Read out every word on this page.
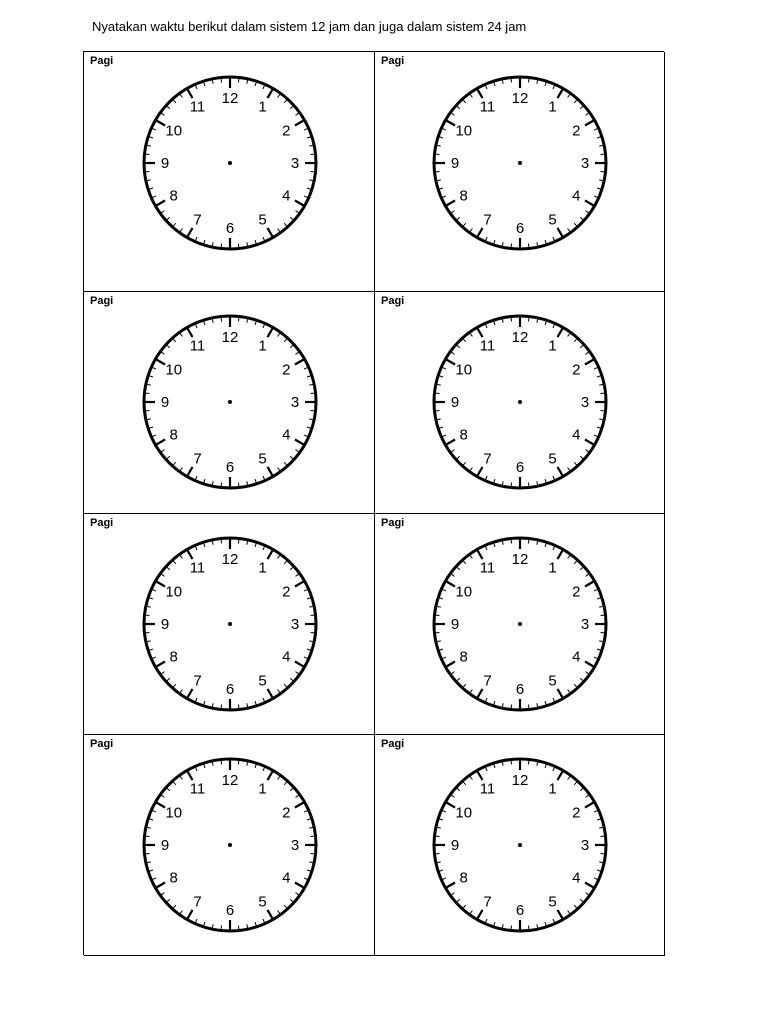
Nyatakan waktu berikut dalam sistem 12 jam dan juga dalam sistem 24 jam
Pagi
12
1
2
3
4
5
6
7
8
9
10
11
Pagi
12
1
2
3
4
5
6
7
8
9
10
11
Pagi
12
1
2
3
4
5
6
7
8
9
10
11
Pagi
12
1
2
3
4
5
6
7
8
9
10
11
Pagi
12
1
2
3
4
5
6
7
8
9
10
11
Pagi
12
1
2
3
4
5
6
7
8
9
10
11
Pagi
12
1
2
3
4
5
6
7
8
9
10
11
Pagi
12
1
2
3
4
5
6
7
8
9
10
11
